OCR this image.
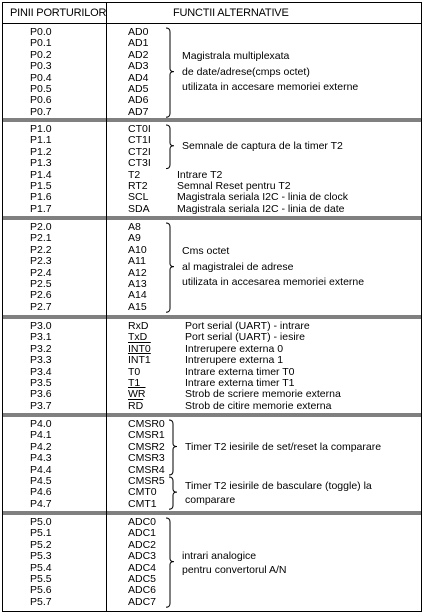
PINII PORTURILOR	FUNCTII ALTERNATIVE
P0.0
P0.1
P0.2
P0.3
P0.4
P0.5
P0.6
P0.7
AD0
AD1
AD2
AD3
AD4
AD5
AD6
AD7
Magistrala multiplexata
de date/adrese(cmps octet)
utilizata in accesare memoriei externe
P1.0
P1.1
P1.2
P1.3
P1.4
P1.5
P1.6
P1.7
CT0I
CT1I
CT2I
CT3I
T2
RT2
SCL
SDA
Intrare T2
Semnal Reset pentru T2
Magistrala seriala I2C - linia de clock
Magistrala seriala I2C - linia de date
Semnale de captura de la timer T2
P2.0
P2.1
P2.2
P2.3
P2.4
P2.5
P2.6
P2.7
A8
A9
A10
A11
A12
A13
A14
A15
Cms octet
al magistralei de adrese
utilizata in accesarea memoriei externe
P3.0
P3.1
P3.2
P3.3
P3.4
P3.5
P3.6
P3.7
RxD
TxD
INT0
INT1
T0
T1
$\overline{WR}$
$\overline{RD}$
Port serial (UART) - intrare
Port serial (UART) - iesire
Intrerupere externa 0
Intrerupere externa 1
Intrare externa timer T0
Intrare externa timer T1
Strob de scriere memorie externa
Strob de citire memorie externa
P4.0
P4.1
P4.2
P4.3
P4.4
P4.5
P4.6
P4.7
CMSR0
CMSR1
CMSR2
CMSR3
CMSR4
CMSR5
CMT0
CMT1
Timer T2 iesirile de set/reset la comparare
Timer T2 iesirile de basculare (toggle) la
comparare
P5.0
P5.1
P5.2
P5.3
P5.4
P5.5
P5.6
P5.7
ADC0
ADC1
ADC2
ADC3
ADC4
ADC5
ADC6
ADC7
intrari analogice
pentru convertorul A/N
